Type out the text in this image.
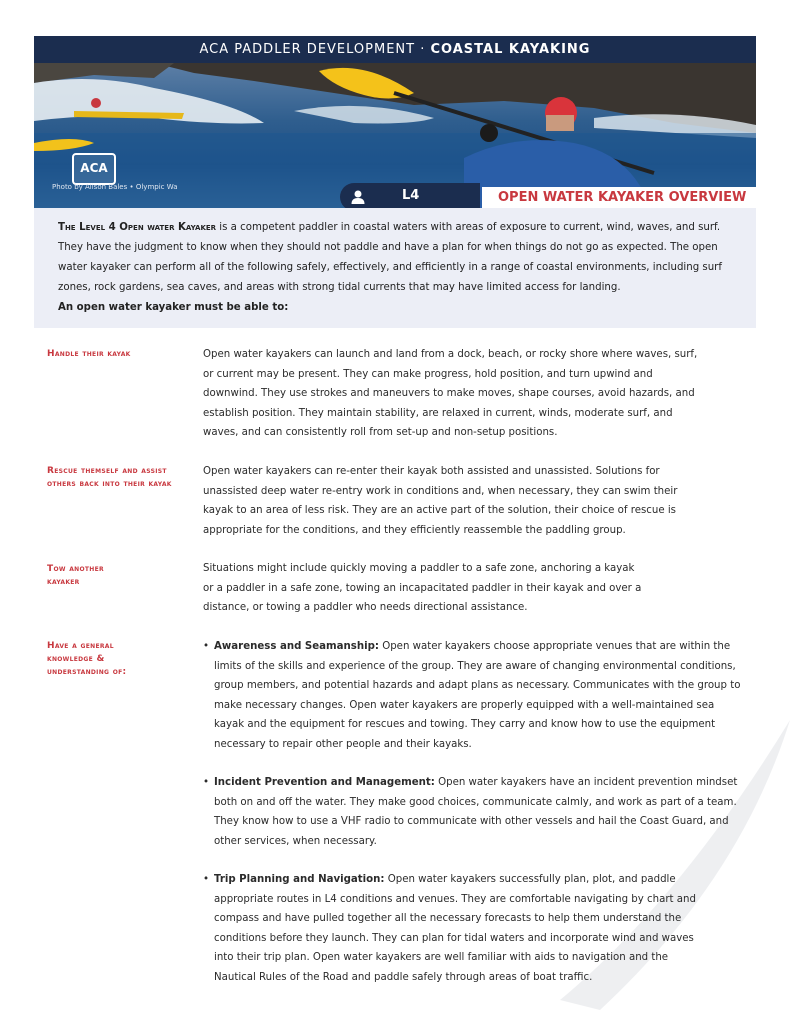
ACA PADDLER DEVELOPMENT · COASTAL KAYAKING
ACA
Photo by Alison Bales • Olympic Wa
L4	OPEN WATER KAYAKER OVERVIEW
The Level 4 Open water Kayaker is a competent paddler in coastal waters with areas of exposure to current, wind, waves, and surf. They have the judgment to know when they should not paddle and have a plan for when things do not go as expected. The open water kayaker can perform all of the following safely, effectively, and efficiently in a range of coastal environments, including surf zones, rock gardens, sea caves, and areas with strong tidal currents that may have limited access for landing.
An open water kayaker must be able to:
Handle their kayak	Open water kayakers can launch and land from a dock, beach, or rocky shore where waves, surf, or current may be present. They can make progress, hold position, and turn upwind and downwind. They use strokes and maneuvers to make moves, shape courses, avoid hazards, and establish position. They maintain stability, are relaxed in current, winds, moderate surf, and waves, and can consistently roll from set-up and non-setup positions.
Rescue themself and assist others back into their kayak
Open water kayakers can re-enter their kayak both assisted and unassisted. Solutions for unassisted deep water re-entry work in conditions and, when necessary, they can swim their kayak to an area of less risk. They are an active part of the solution, their choice of rescue is appropriate for the conditions, and they efficiently reassemble the paddling group.
Tow another kayaker
Situations might include quickly moving a paddler to a safe zone, anchoring a kayak or a paddler in a safe zone, towing an incapacitated paddler in their kayak and over a distance, or towing a paddler who needs directional assistance.
Have a general knowledge & understanding of:
• Awareness and Seamanship: Open water kayakers choose appropriate venues that are within the limits of the skills and experience of the group. They are aware of changing environmental conditions, group members, and potential hazards and adapt plans as necessary. Communicates with the group to make necessary changes. Open water kayakers are properly equipped with a well-maintained sea kayak and the equipment for rescues and towing. They carry and know how to use the equipment necessary to repair other people and their kayaks.
• Incident Prevention and Management: Open water kayakers have an incident prevention mindset both on and off the water. They make good choices, communicate calmly, and work as part of a team. They know how to use a VHF radio to communicate with other vessels and hail the Coast Guard, and other services, when necessary.
• Trip Planning and Navigation: Open water kayakers successfully plan, plot, and paddle appropriate routes in L4 conditions and venues. They are comfortable navigating by chart and compass and have pulled together all the necessary forecasts to help them understand the conditions before they launch. They can plan for tidal waters and incorporate wind and waves into their trip plan. Open water kayakers are well familiar with aids to navigation and the Nautical Rules of the Road and paddle safely through areas of boat traffic.
